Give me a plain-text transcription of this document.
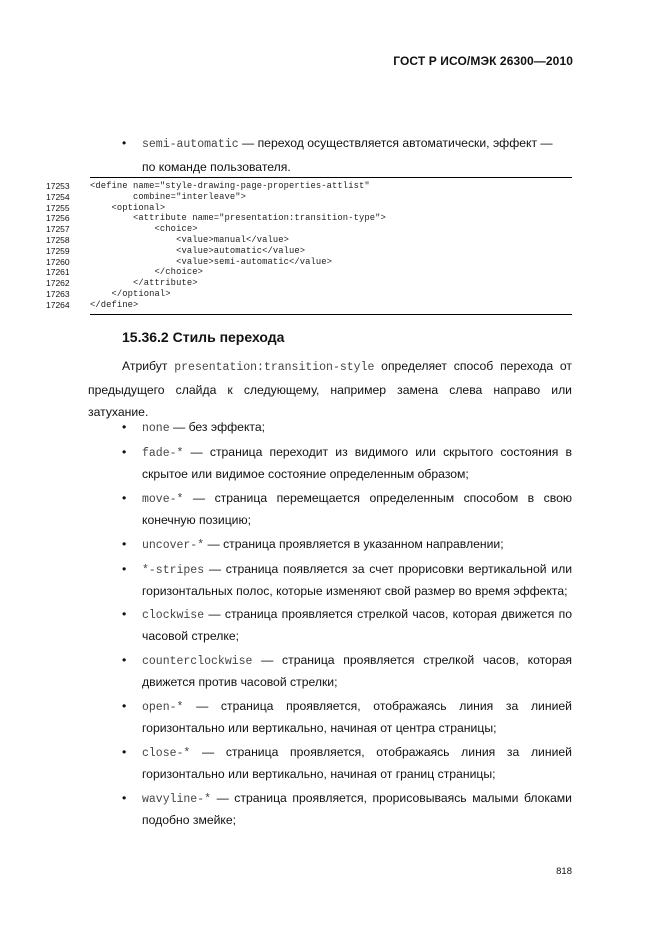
ГОСТ Р ИСО/МЭК 26300—2010
• semi-automatic — переход осуществляется автоматически, эффект —
по команде пользователя.
17253	<define name="style-drawing-page-properties-attlist"
17254	combine="interleave">
17255	<optional>
17256	<attribute name="presentation:transition-type">
17257	<choice>
17258	<value>manual</value>
17259	<value>automatic</value>
17260	<value>semi-automatic</value>
17261	</choice>
17262	</attribute>
17263	</optional>
17264	</define>
15.36.2 Стиль перехода
Атрибут presentation:transition-style определяет способ перехода от предыдущего слайда к следующему, например замена слева направо или затухание.
• none — без эффекта;
• fade-* — страница переходит из видимого или скрытого состояния в скрытое или видимое состояние определенным образом;
• move-* — страница перемещается определенным способом в свою конечную позицию;
• uncover-* — страница проявляется в указанном направлении;
• *-stripes — страница появляется за счет прорисовки вертикальной или горизонтальных полос, которые изменяют свой размер во время эффекта;
• clockwise — страница проявляется стрелкой часов, которая движется по часовой стрелке;
• counterclockwise — страница проявляется стрелкой часов, которая движется против часовой стрелки;
• open-* — страница проявляется, отображаясь линия за линией горизонтально или вертикально, начиная от центра страницы;
• close-* — страница проявляется, отображаясь линия за линией горизонтально или вертикально, начиная от границ страницы;
• wavyline-* — страница проявляется, прорисовываясь малыми блоками подобно змейке;
818
